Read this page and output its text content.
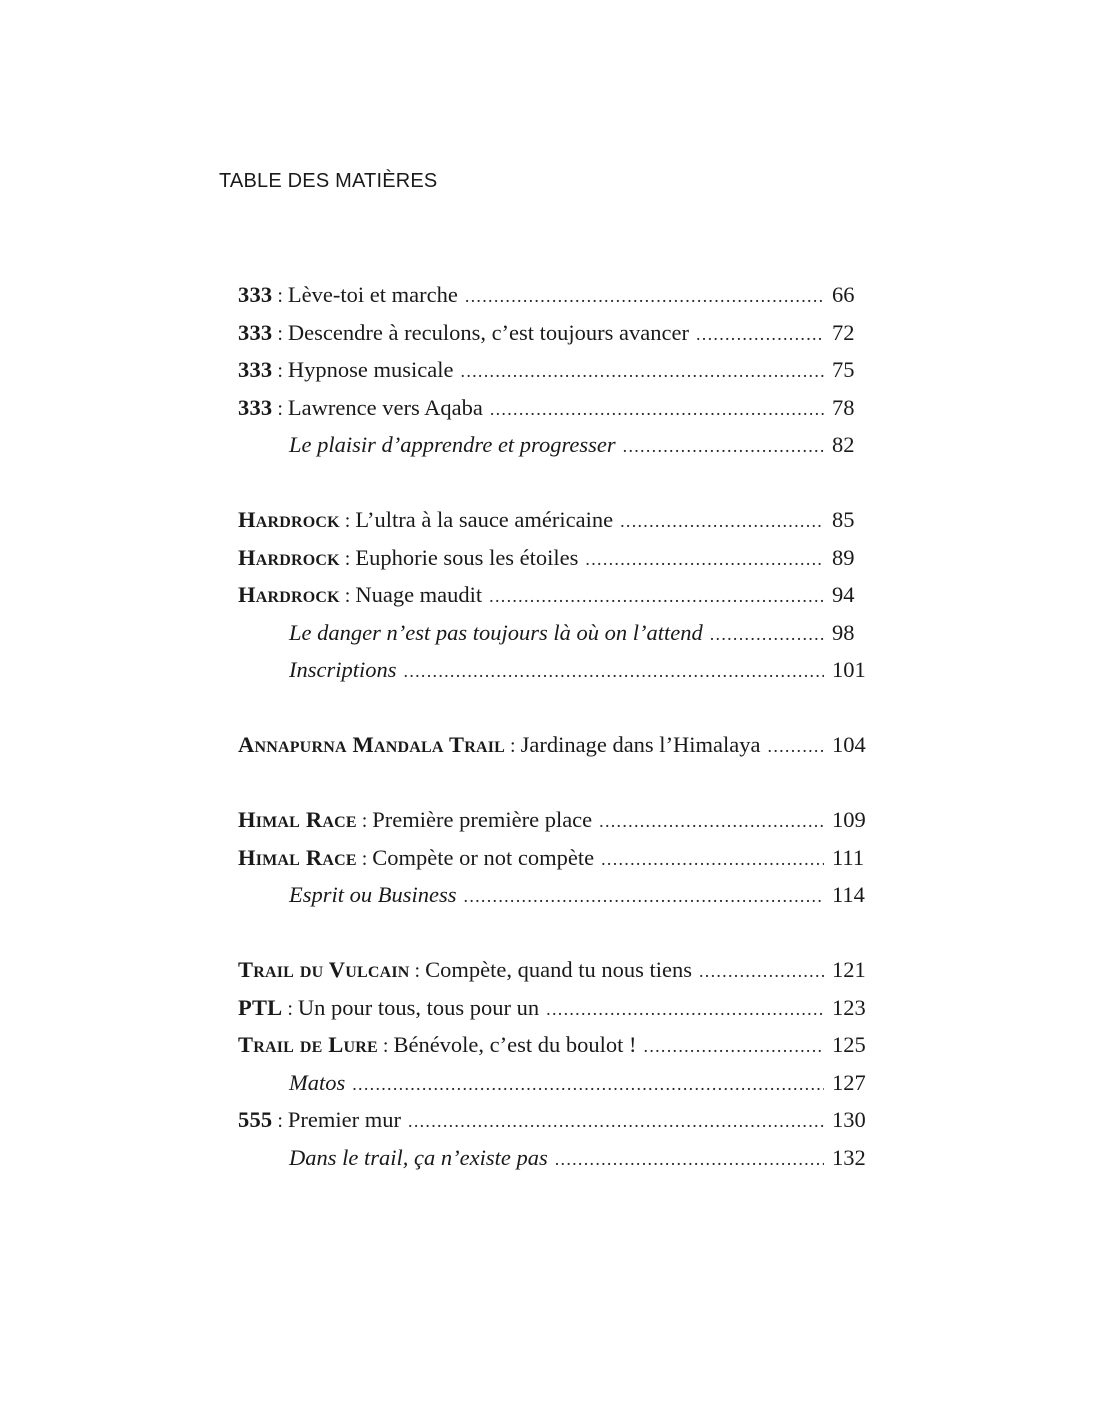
TABLE DES MATIÈRES
333 : Lève-toi et marche .....	66
333 : Descendre à reculons, c’est toujours avancer .....	72
333 : Hypnose musicale .....	75
333 : Lawrence vers Aqaba .....	78
Le plaisir d’apprendre et progresser .....	82
Hardrock : L’ultra à la sauce américaine .....	85
Hardrock : Euphorie sous les étoiles .....	89
Hardrock : Nuage maudit .....	94
Le danger n’est pas toujours là où on l’attend .....	98
Inscriptions .....	101
Annapurna Mandala Trail : Jardinage dans l’Himalaya .....	104
Himal Race : Première première place .....	109
Himal Race : Compète or not compète .....	111
Esprit ou Business .....	114
Trail du Vulcain : Compète, quand tu nous tiens .....	121
PTL : Un pour tous, tous pour un .....	123
Trail de Lure : Bénévole, c’est du boulot ! .....	125
Matos .....	127
555 : Premier mur .....	130
Dans le trail, ça n’existe pas .....	132
